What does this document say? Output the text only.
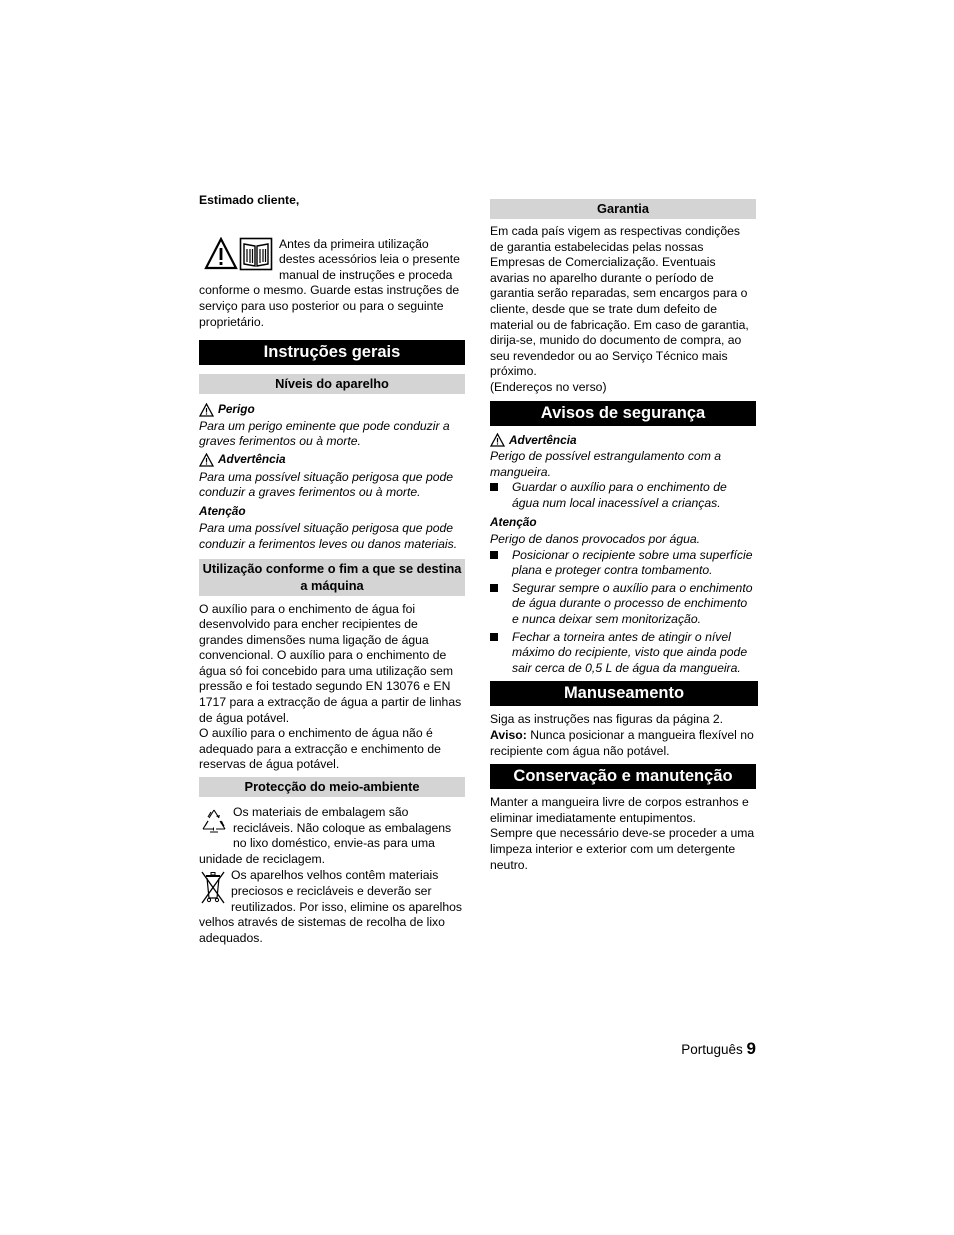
Estimado cliente,

Antes da primeira utilização destes acessórios leia o presente manual de instruções e proceda conforme o mesmo. Guarde estas instruções de serviço para uso posterior ou para o seguinte proprietário.

Instruções gerais
Níveis do aparelho
Perigo

Para um perigo eminente que pode conduzir a graves ferimentos ou à morte.

Advertência

Para uma possível situação perigosa que pode conduzir a graves ferimentos ou à morte.

Atenção

Para uma possível situação perigosa que pode conduzir a ferimentos leves ou danos materiais.

Utilização conforme o fim a que se destina a máquina

O auxílio para o enchimento de água foi desenvolvido para encher recipientes de grandes dimensões numa ligação de água convencional. O auxílio para o enchimento de água só foi concebido para uma utilização sem pressão e foi testado segundo EN 13076 e EN 1717 para a extracção de água a partir de linhas de água potável.

O auxílio para o enchimento de água não é adequado para a extracção e enchimento de reservas de água potável.

Protecção do meio-ambiente

Os materiais de embalagem são recicláveis. Não coloque as embalagens no lixo doméstico, envie-as para uma unidade de reciclagem.

Os aparelhos velhos contêm materiais preciosos e recicláveis e deverão ser reutilizados. Por isso, elimine os aparelhos velhos através de sistemas de recolha de lixo adequados.

Garantia

Em cada país vigem as respectivas condições de garantia estabelecidas pelas nossas Empresas de Comercialização. Eventuais avarias no aparelho durante o período de garantia serão reparadas, sem encargos para o cliente, desde que se trate dum defeito de material ou de fabricação. Em caso de garantia, dirija-se, munido do documento de compra, ao seu revendedor ou ao Serviço Técnico mais próximo.

(Endereços no verso)

Avisos de segurança
Advertência

Perigo de possível estrangulamento com a mangueira.

Guardar o auxílio para o enchimento de água num local inacessível a crianças.

Atenção

Perigo de danos provocados por água.

Posicionar o recipiente sobre uma superfície plana e proteger contra tombamento.

Segurar sempre o auxílio para o enchimento de água durante o processo de enchimento e nunca deixar sem monitorização.

Fechar a torneira antes de atingir o nível máximo do recipiente, visto que ainda pode sair cerca de 0,5 L de água da mangueira.

Manuseamento

Siga as instruções nas figuras da página 2.

Aviso: Nunca posicionar a mangueira flexível no recipiente com água não potável.

Conservação e manutenção

Manter a mangueira livre de corpos estranhos e eliminar imediatamente entupimentos.

Sempre que necessário deve-se proceder a uma limpeza interior e exterior com um detergente neutro.

Português 9
